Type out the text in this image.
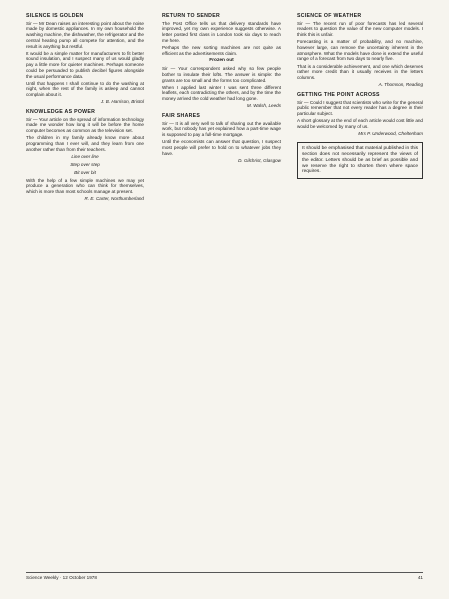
SILENCE IS GOLDEN

Sir — Mr Dean raises an interesting point about the noise made by domestic appliances. In my own household the washing machine, the dishwasher, the refrigerator and the central heating pump all compete for attention, and the result is anything but restful.

It would be a simple matter for manufacturers to fit better sound insulation, and I suspect many of us would gladly pay a little more for quieter machines. Perhaps someone could be persuaded to publish decibel figures alongside the usual performance data.

Until that happens I shall continue to do the washing at night, when the rest of the family is asleep and cannot complain about it.

J. B. Harrison, Bristol

KNOWLEDGE AS POWER

Sir — Your article on the spread of information technology made me wonder how long it will be before the home computer becomes as common as the television set.

The children in my family already know more about programming than I ever will, and they learn from one another rather than from their teachers.

Line over line
Step over step
Bit over bit

With the help of a few simple machines we may yet produce a generation who can think for themselves, which is more than most schools manage at present.

R. E. Carter, Northumberland

RETURN TO SENDER

The Post Office tells us that delivery standards have improved, yet my own experience suggests otherwise. A letter posted first class in London took six days to reach me here.

Perhaps the new sorting machines are not quite as efficient as the advertisements claim.

Frozen out

Sir — Your correspondent asked why so few people bother to insulate their lofts. The answer is simple: the grants are too small and the forms too complicated.

When I applied last winter I was sent three different leaflets, each contradicting the others, and by the time the money arrived the cold weather had long gone.

M. Walsh, Leeds

FAIR SHARES

Sir — It is all very well to talk of sharing out the available work, but nobody has yet explained how a part-time wage is supposed to pay a full-time mortgage.

Until the economists can answer that question, I suspect most people will prefer to hold on to whatever jobs they have.

D. Gilchrist, Glasgow

SCIENCE OF WEATHER

Sir — The recent run of poor forecasts has led several readers to question the value of the new computer models. I think this is unfair.

Forecasting is a matter of probability, and no machine, however large, can remove the uncertainty inherent in the atmosphere. What the models have done is extend the useful range of a forecast from two days to nearly five.

That is a considerable achievement, and one which deserves rather more credit than it usually receives in the letters columns.

A. Thomson, Reading

GETTING THE POINT ACROSS

Sir — Could I suggest that scientists who write for the general public remember that not every reader has a degree in their particular subject.

A short glossary at the end of each article would cost little and would be welcomed by many of us.

Mrs P. Underwood, Cheltenham

It should be emphasised that material published in this section does not necessarily represent the views of the editor. Letters should be as brief as possible and we reserve the right to shorten them where space requires.
Science Weekly · 12 October 1978	41
